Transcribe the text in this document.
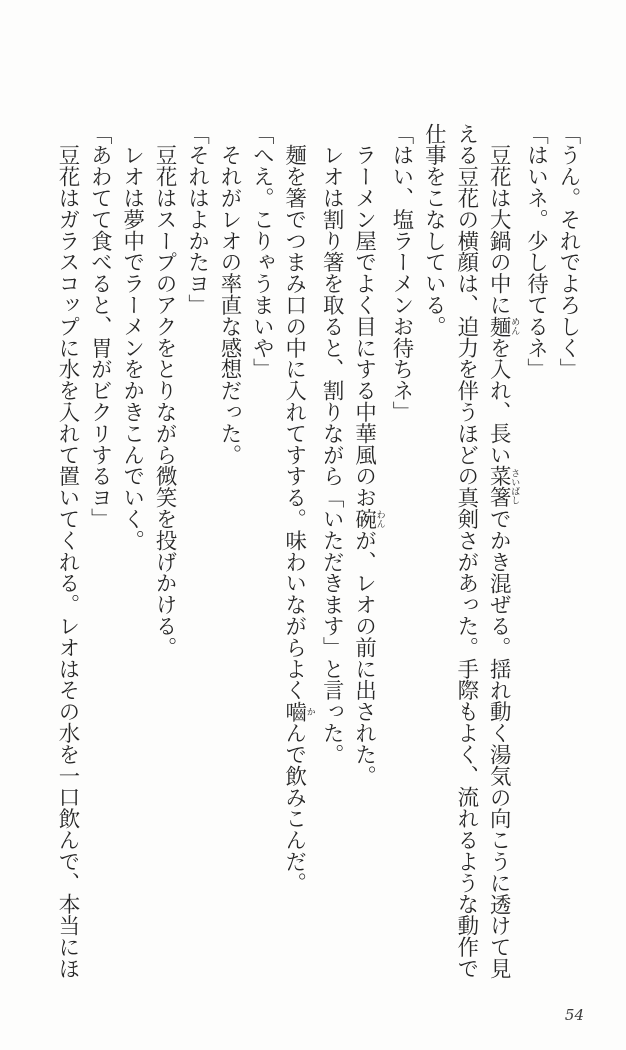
「うん。それでよろしく」

「はいネ。少し待てるネ」

　豆花は大鍋の中に麺 めんを入れ、長い菜箸 さいばしでかき混ぜる。揺れ動く湯気の向こうに透けて見える豆花の横顔は、迫力を伴うほどの真剣さがあった。手際もよく、流れるような動作で仕事をこなしている。

「はい、塩ラーメンお待ちネ」

　ラーメン屋でよく目にする中華風のお碗 わんが、レオの前に出された。

　レオは割り箸を取ると、割りながら「いただきます」と言った。

　麺を箸でつまみ口の中に入れてすする。味わいながらよく嚙 かんで飲みこんだ。

「へえ。こりゃうまいや」

　それがレオの率直な感想だった。

「それはよかたヨ」

　豆花はスープのアクをとりながら微笑を投げかける。

　レオは夢中でラーメンをかきこんでいく。

「あわてて食べると、胃がビクリするヨ」

　豆花はガラスコップに水を入れて置いてくれる。レオはその水を一口飲んで、本当にほ

54
